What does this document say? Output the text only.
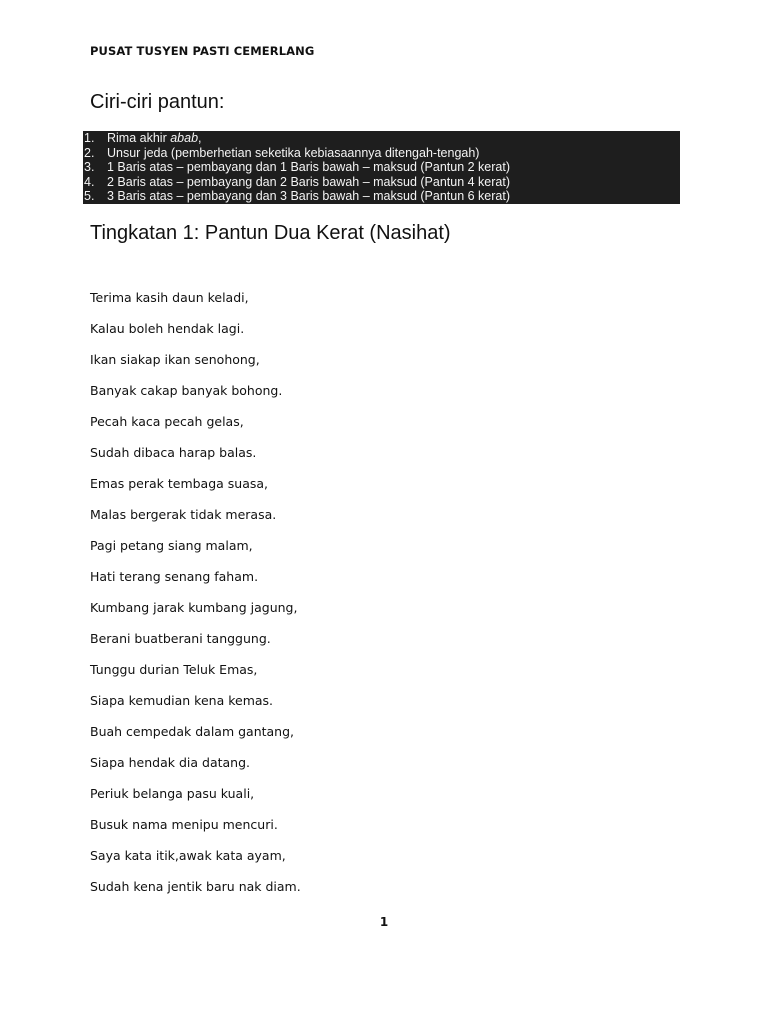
PUSAT TUSYEN PASTI CEMERLANG
Ciri-ciri pantun:
1. Rima akhir abab,
2. Unsur jeda (pemberhetian seketika kebiasaannya ditengah-tengah)
3. 1 Baris atas – pembayang dan 1 Baris bawah – maksud (Pantun 2 kerat)
4. 2 Baris atas – pembayang dan 2 Baris bawah – maksud (Pantun 4 kerat)
5. 3 Baris atas – pembayang dan 3 Baris bawah – maksud (Pantun 6 kerat)
Tingkatan 1: Pantun Dua Kerat (Nasihat)
Terima kasih daun keladi,
Kalau boleh hendak lagi.
Ikan siakap ikan senohong,
Banyak cakap banyak bohong.
Pecah kaca pecah gelas,
Sudah dibaca harap balas.
Emas perak tembaga suasa,
Malas bergerak tidak merasa.
Pagi petang siang malam,
Hati terang senang faham.
Kumbang jarak kumbang jagung,
Berani buatberani tanggung.
Tunggu durian Teluk Emas,
Siapa kemudian kena kemas.
Buah cempedak dalam gantang,
Siapa hendak dia datang.
Periuk belanga pasu kuali,
Busuk nama menipu mencuri.
Saya kata itik,awak kata ayam,
Sudah kena jentik baru nak diam.
1
